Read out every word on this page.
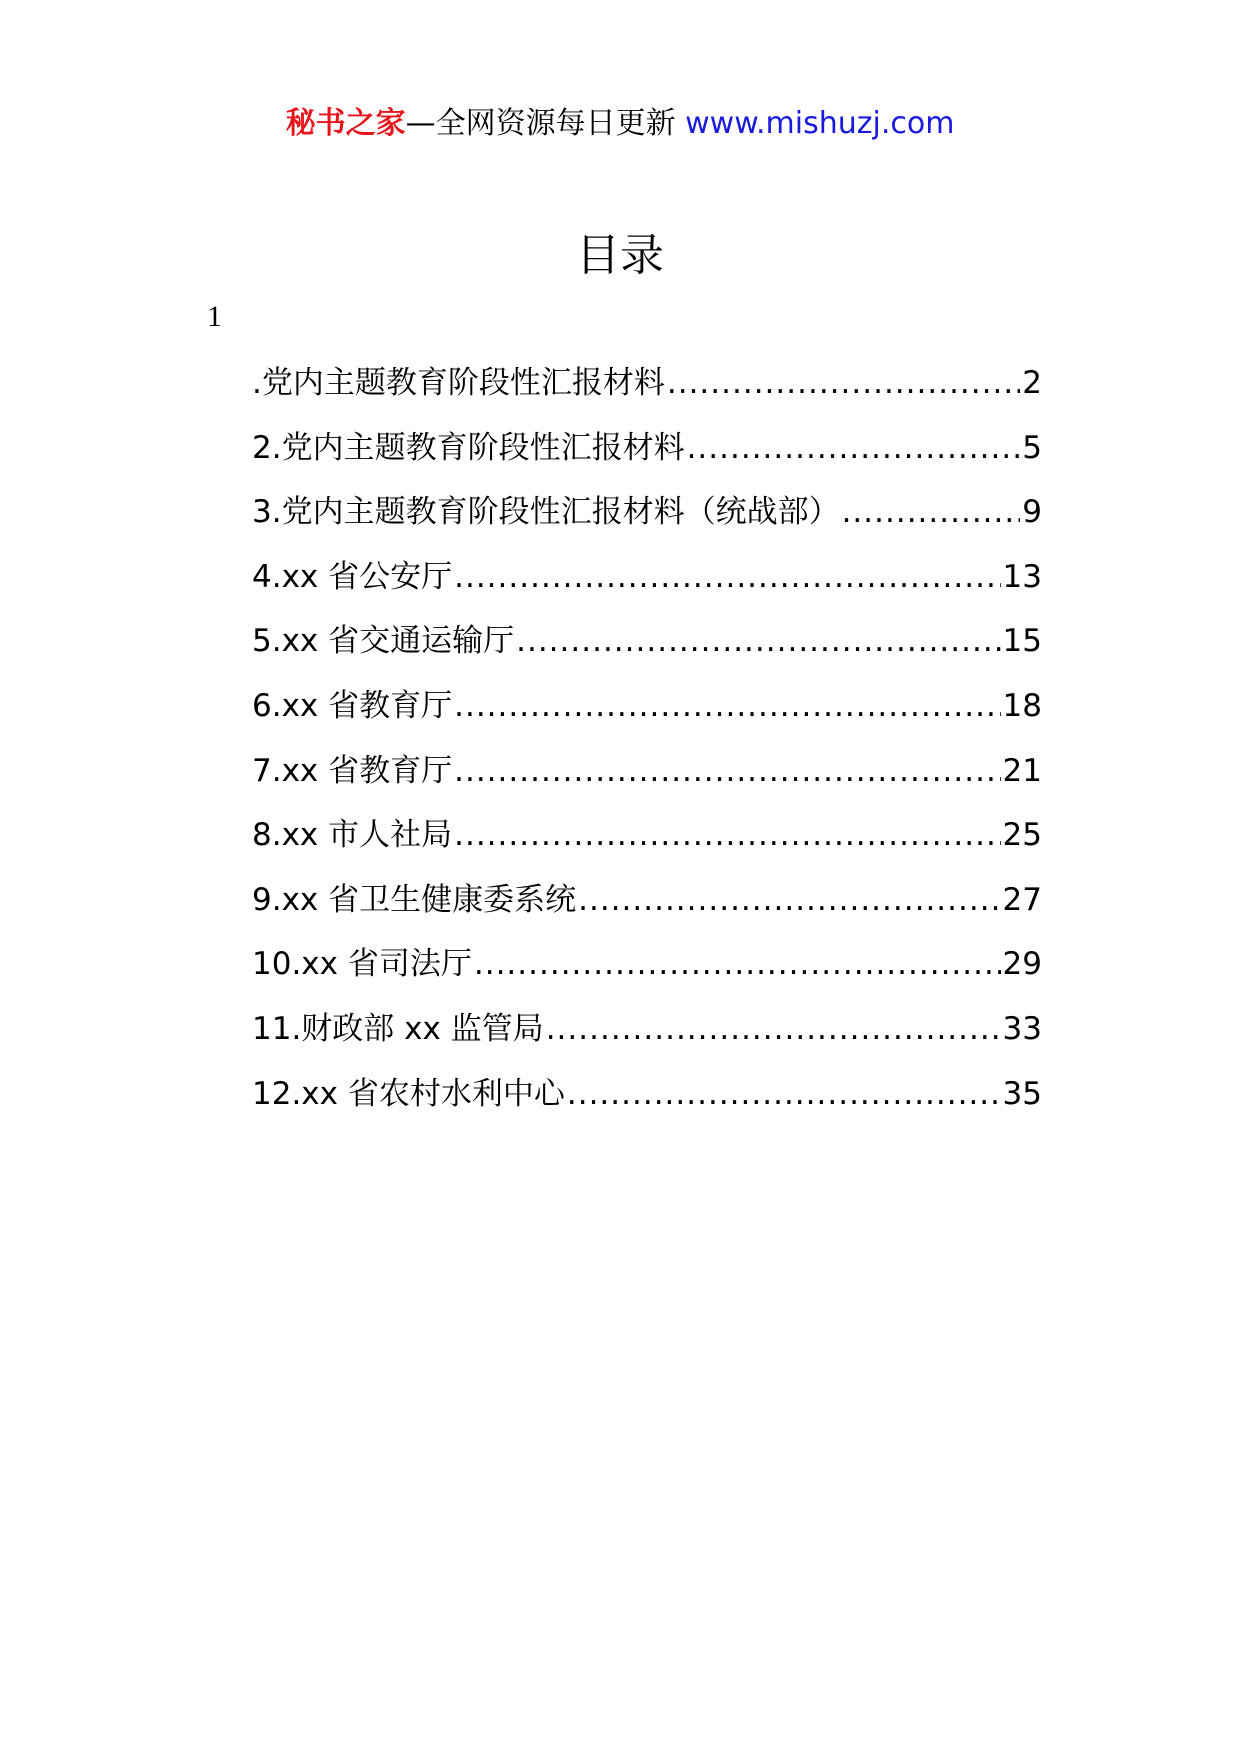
秘书之家—全网资源每日更新 www.mishuzj.com
目录
1
.党内主题教育阶段性汇报材料 .....	2
2.党内主题教育阶段性汇报材料 .....	5
3.党内主题教育阶段性汇报材料（统战部） .....	9
4.xx 省公安厅 .....	13
5.xx 省交通运输厅 .....	15
6.xx 省教育厅 .....	18
7.xx 省教育厅 .....	21
8.xx 市人社局 .....	25
9.xx 省卫生健康委系统 .....	27
10.xx 省司法厅 .....	29
11.财政部 xx 监管局 .....	33
12.xx 省农村水利中心 .....	35
